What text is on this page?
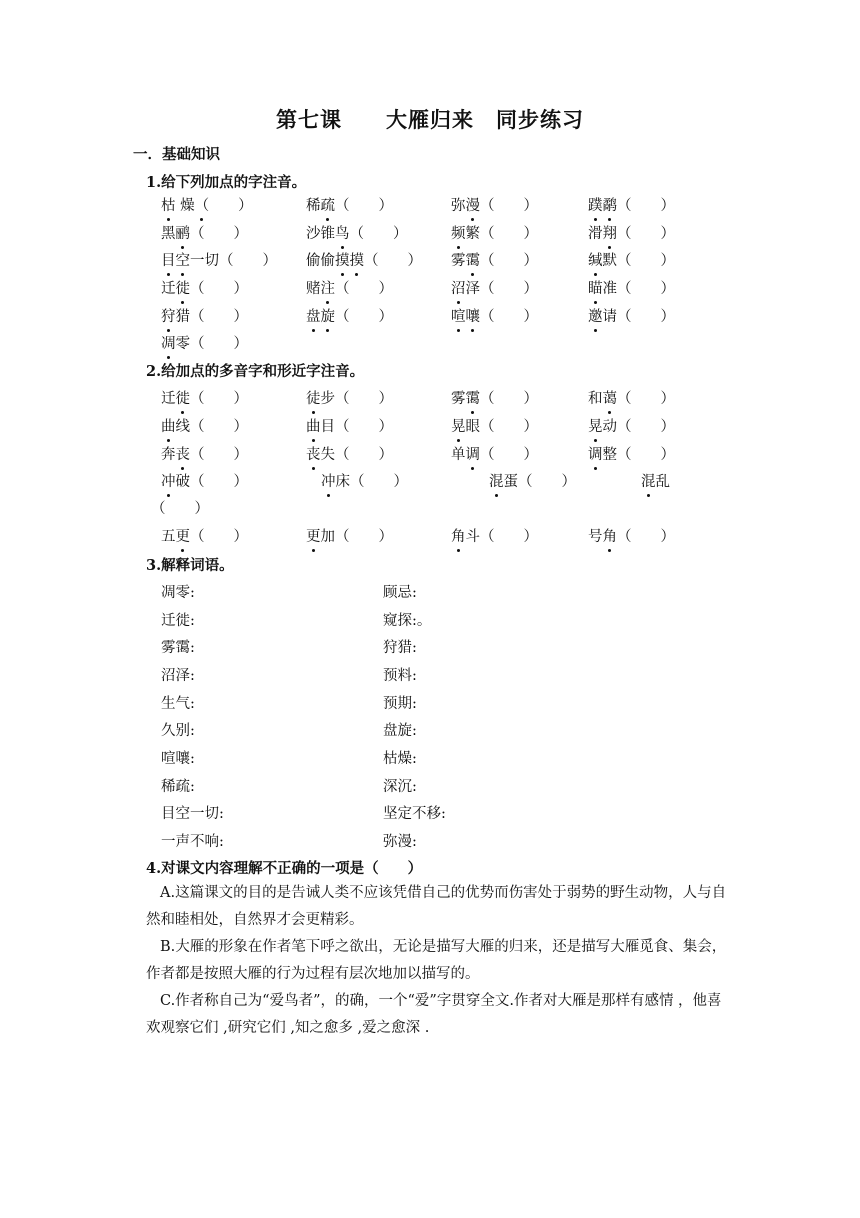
第七课　　大雁归来　同步练习
一．基础知识
1.给下列加点的字注音。
枯 燥（　　 ）	稀疏（　　 ）	弥漫（　　 ）	蹼鹬（　　 ）
黑鹂（　　 ）	沙锥鸟（　　 ）	频繁（　　 ）	滑翔（　　 ）
目空一切（　　 ） 偷偷摸摸（　　 ） 雾霭（　　 ）	缄默（　　 ）
迁徙（　　 ）	赌注（　　 ）	沼泽（　　 ）	瞄准（　　 ）
狩猎（　　 ）	盘旋（　　 ）	喧嚷（　　 ）	邀请（　　 ）
凋零（　　 ）
2.给加点的多音字和形近字注音。
迁徙（　　 ）	徒步（　　 ）	雾霭（　　 ）	和蔼（　　 ）
曲线（　　 ）	曲目（　　 ）	晃眼（　　 ）	晃动（　　 ）
奔丧（　　 ）	丧失（　　 ）	单调（　　 ）	调整（　　 ）
冲破（　　 ）	冲床（　　 ）	混蛋（　　 ）	混乱
（　　）
五更（　　 ）	更加（　　 ）	角斗（　　 ）	号角（　　 ）
3.解释词语。
凋零:	顾忌:
迁徙:	窥探:。
雾霭:	狩猎:
沼泽:	预料:
生气:	预期:
久别:	盘旋:
喧嚷:	枯燥:
稀疏:	深沉:
目空一切:	坚定不移:
一声不响:	弥漫:
4.对课文内容理解不正确的一项是（　　）
A.这篇课文的目的是告诫人类不应该凭借自己的优势而伤害处于弱势的野生动物，人与自然和睦相处，自然界才会更精彩。
B.大雁的形象在作者笔下呼之欲出，无论是描写大雁的归来，还是描写大雁觅食、集会，作者都是按照大雁的行为过程有层次地加以描写的。
C.作者称自己为“爱鸟者”，的确，一个“爱”字贯穿全文.作者对大雁是那样有感情 ，他喜欢观察它们 ,研究它们 ,知之愈多 ,爱之愈深 .
